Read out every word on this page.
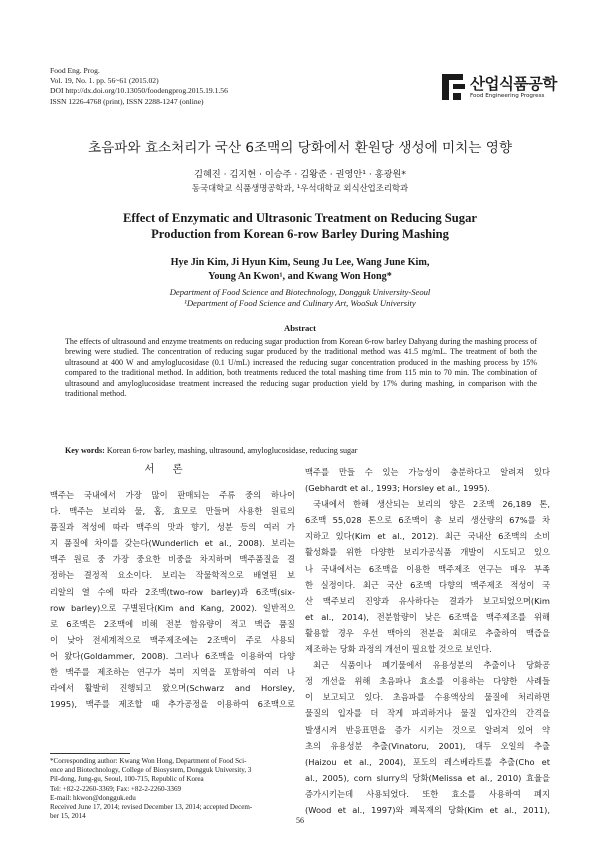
Food Eng. Prog.
Vol. 19, No. 1. pp. 56~61 (2015.02)
DOI http://dx.doi.org/10.13050/foodengprog.2015.19.1.56
ISSN 1226-4768 (print), ISSN 2288-1247 (online)
산업식품공학
Food Engineering Progress
초음파와 효소처리가 국산 6조맥의 당화에서 환원당 생성에 미치는 영향
김혜진 · 김지현 · 이승주 · 김왕준 · 권영안¹ · 홍광원*
동국대학교 식품생명공학과, ¹우석대학교 외식산업조리학과
Effect of Enzymatic and Ultrasonic Treatment on Reducing Sugar
Production from Korean 6-row Barley During Mashing
Hye Jin Kim, Ji Hyun Kim, Seung Ju Lee, Wang June Kim,
Young An Kwon¹, and Kwang Won Hong*
Department of Food Science and Biotechnology, Dongguk University-Seoul
¹Department of Food Science and Culinary Art, WooSuk University
Abstract
The effects of ultrasound and enzyme treatments on reducing sugar production from Korean 6-row barley Dahyang during the mashing process of brewing were studied. The concentration of reducing sugar produced by the traditional method was 41.5 mg/mL. The treatment of both the ultrasound at 400 W and amyloglucosidase (0.1 U/mL) increased the reducing sugar concentration produced in the mashing process by 15% compared to the traditional method. In addition, both treatments reduced the total mashing time from 115 min to 70 min. The combination of ultrasound and amyloglucosidase treatment increased the reducing sugar production yield by 17% during mashing, in comparison with the traditional method.
Key words: Korean 6-row barley, mashing, ultrasound, amyloglucosidase, reducing sugar
서론
맥주는 국내에서 가장 많이 판매되는 주류 중의 하나이
다. 맥주는 보리와 물, 홉, 효모로 만들며 사용한 원료의
품질과 적성에 따라 맥주의 맛과 향기, 성분 등의 여러 가
지 품질에 차이를 갖는다(Wunderlich et al., 2008). 보리는
맥주 원료 중 가장 중요한 비중을 차지하며 맥주품질을 결
정하는 결정적 요소이다. 보리는 작물학적으로 배열된 보
리알의 열 수에 따라 2조맥(two-row barley)과 6조맥(six-
row barley)으로 구별된다(Kim and Kang, 2002). 일반적으
로 6조맥은 2조맥에 비해 전분 함유량이 적고 맥즙 품질
이 낮아 전세계적으로 맥주제조에는 2조맥이 주로 사용되
어 왔다(Goldammer, 2008). 그러나 6조맥을 이용하여 다양
한 맥주를 제조하는 연구가 북미 지역을 포함하여 여러 나
라에서 활발히 진행되고 왔으며(Schwarz and Horsley,
1995), 맥주를 제조할 때 추가공정을 이용하여 6조맥으로
맥주를 만들 수 있는 가능성이 충분하다고 알려져 있다
(Gebhardt et al., 1993; Horsley et al., 1995).
국내에서 한해 생산되는 보리의 양은 2조맥 26,189 톤,
6조맥 55,028 톤으로 6조맥이 총 보리 생산량의 67%를 차
지하고 있다(Kim et al., 2012). 최근 국내산 6조맥의 소비
활성화를 위한 다양한 보리가공식품 개발이 시도되고 있으
나 국내에서는 6조맥을 이용한 맥주제조 연구는 매우 부족
한 실정이다. 최근 국산 6조맥 다향의 맥주제조 적성이 국
산 맥주보리 진양과 유사하다는 결과가 보고되었으며(Kim
et al., 2014), 전분함량이 낮은 6조맥을 맥주제조를 위해
활용할 경우 우선 맥아의 전분을 최대로 추출하여 맥즙을
제조하는 당화 과정의 개선이 필요할 것으로 보인다.
최근 식품이나 폐기물에서 유용성분의 추출이나 당화공
정 개선을 위해 초음파나 효소를 이용하는 다양한 사례들
이 보고되고 있다. 초음파를 수용액상의 물질에 처리하면
물질의 입자를 더 작게 파괴하거나 물질 입자간의 간격을
발생시켜 반응표면을 증가 시키는 것으로 알려져 있어 약
초의 유용성분 추출(Vinatoru, 2001), 대두 오일의 추출
(Haizou et al., 2004), 포도의 레스베라트롤 추출(Cho et
al., 2005), corn slurry의 당화(Melissa et al., 2010) 효율을
증가시키는데 사용되었다. 또한 효소를 사용하여 폐지
(Wood et al., 1997)와 폐목재의 당화(Kim et al., 2011),
*Corresponding author: Kwang Won Hong, Department of Food Sci-
ence and Biotechnology, College of Biosystem, Dongguk University, 3
Pil-dong, Jung-gu, Seoul, 100-715, Republic of Korea
Tel: +82-2-2260-3369; Fax: +82-2-2260-3369
E-mail: hkwon@dongguk.edu
Received June 17, 2014; revised December 13, 2014; accepted Decem-
ber 15, 2014	56
